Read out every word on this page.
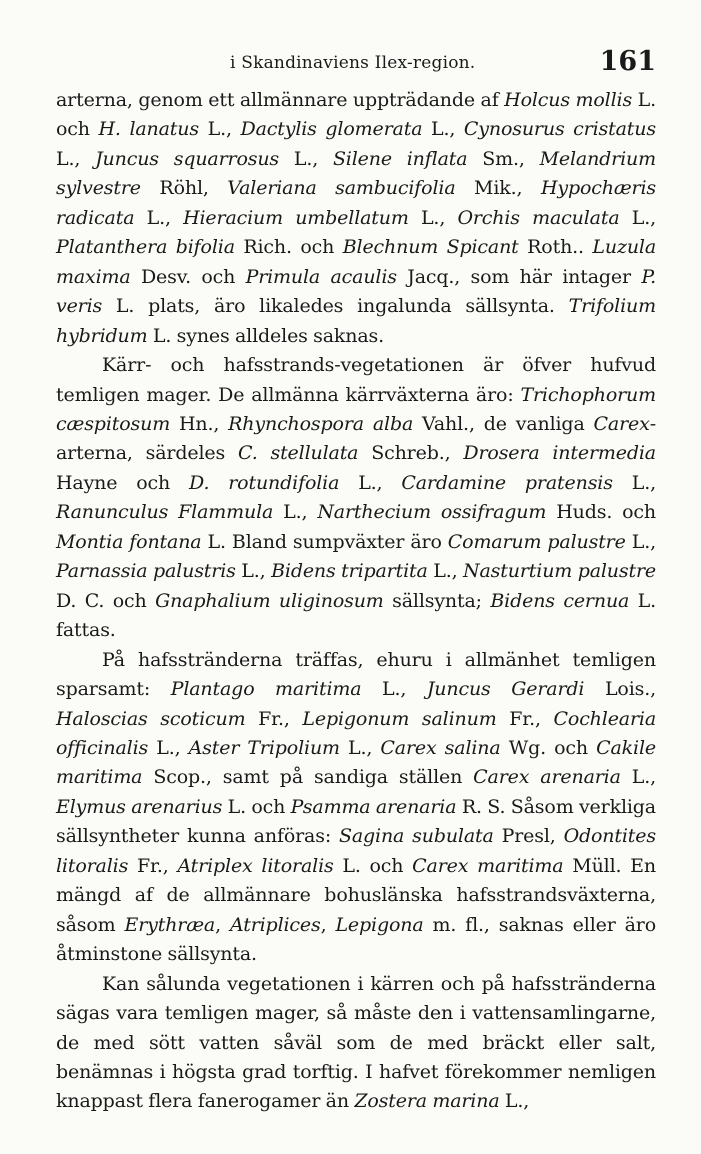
i Skandinaviens Ilex-region.	161

arterna, genom ett allmännare uppträdande af Holcus mollis L. och H. lanatus L., Dactylis glomerata L., Cynosurus cristatus L., Juncus squarrosus L., Silene inflata Sm., Melandrium sylvestre Röhl, Valeriana sambucifolia Mik., Hypochæris radicata L., Hieracium umbellatum L., Orchis maculata L., Platanthera bifolia Rich. och Blechnum Spicant Roth.. Luzula maxima Desv. och Primula acaulis Jacq., som här intager P. veris L. plats, äro likaledes ingalunda sällsynta. Trifolium hybridum L. synes alldeles saknas.

Kärr- och hafsstrands-vegetationen är öfver hufvud temligen mager. De allmänna kärrväxterna äro: Trichophorum cæspitosum Hn., Rhynchospora alba Vahl., de vanliga Carex-arterna, särdeles C. stellulata Schreb., Drosera intermedia Hayne och D. rotundifolia L., Cardamine pratensis L., Ranunculus Flammula L., Narthecium ossifragum Huds. och Montia fontana L. Bland sumpväxter äro Comarum palustre L., Parnassia palustris L., Bidens tripartita L., Nasturtium palustre D. C. och Gnaphalium uliginosum sällsynta; Bidens cernua L. fattas.

På hafsstränderna träffas, ehuru i allmänhet temligen sparsamt: Plantago maritima L., Juncus Gerardi Lois., Haloscias scoticum Fr., Lepigonum salinum Fr., Cochlearia officinalis L., Aster Tripolium L., Carex salina Wg. och Cakile maritima Scop., samt på sandiga ställen Carex arenaria L., Elymus arenarius L. och Psamma arenaria R. S. Såsom verkliga sällsyntheter kunna anföras: Sagina subulata Presl, Odontites litoralis Fr., Atriplex litoralis L. och Carex maritima Müll. En mängd af de allmännare bohuslänska hafsstrandsväxterna, såsom Erythræa, Atriplices, Lepigona m. fl., saknas eller äro åtminstone sällsynta.

Kan sålunda vegetationen i kärren och på hafsstränderna sägas vara temligen mager, så måste den i vattensamlingarne, de med sött vatten såväl som de med bräckt eller salt, benämnas i högsta grad torftig. I hafvet förekommer nemligen knappast flera fanerogamer än Zostera marina L.,
